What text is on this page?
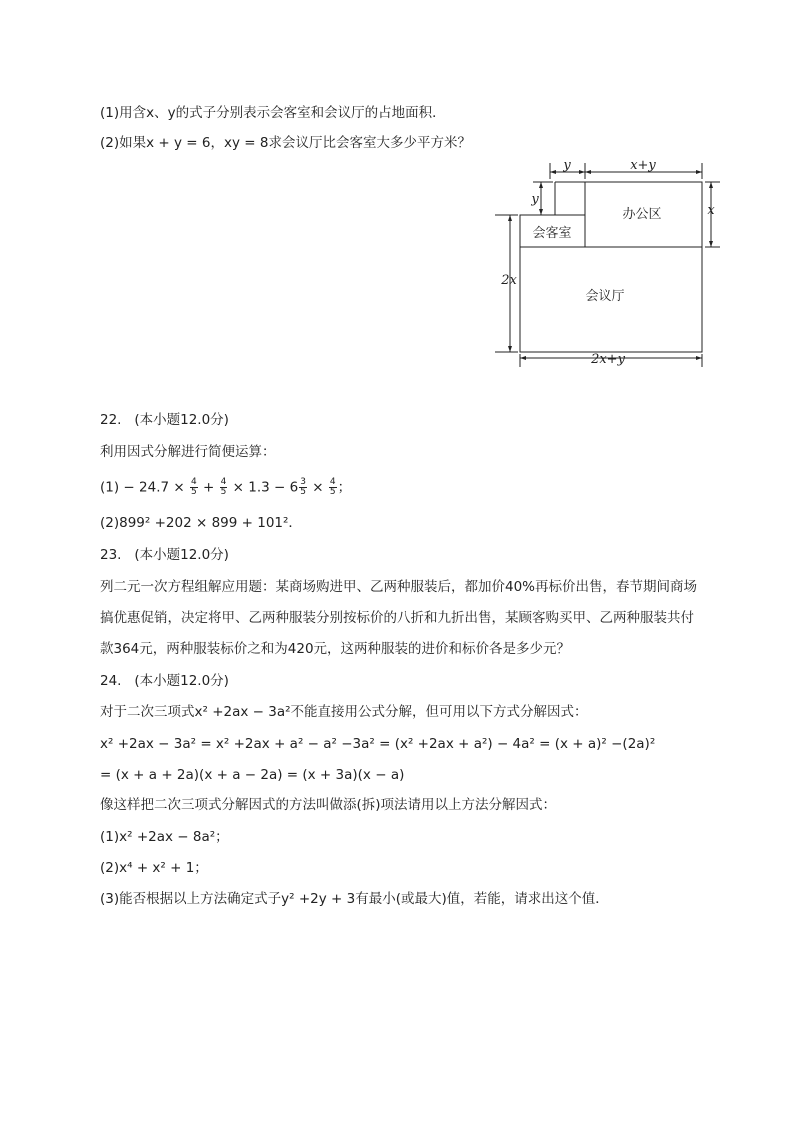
(1)用含x、y的式子分别表示会客室和会议厅的占地面积．
(2)如果x + y = 6，xy = 8求会议厅比会客室大多少平方米？
y	x+y
y
x
2x
2x+y
会客室
办公区
会议厅
22. (本小题12.0分)
利用因式分解进行简便运算：
$(1) - 24.7 \times \frac{4}{5} + \frac{4}{5} \times 1.3 - 6 \frac{3}{5} \times \frac{4}{5}$ ；
(2)899² +202 × 899 + 101²．
23. (本小题12.0分)
列二元一次方程组解应用题：某商场购进甲、乙两种服装后，都加价40%再标价出售，春节期间商场
搞优惠促销，决定将甲、乙两种服装分别按标价的八折和九折出售，某顾客购买甲、乙两种服装共付
款364元，两种服装标价之和为420元，这两种服装的进价和标价各是多少元？
24. (本小题12.0分)
对于二次三项式x² +2ax − 3a²不能直接用公式分解，但可用以下方式分解因式：
x² +2ax − 3a² = x² +2ax + a² − a² −3a² = (x² +2ax + a²) − 4a² = (x + a)² −(2a)²
= (x + a + 2a)(x + a − 2a) = (x + 3a)(x − a)
像这样把二次三项式分解因式的方法叫做添(拆)项法请用以上方法分解因式：
(1)x² +2ax − 8a²；
(2)x⁴ + x² + 1；
(3)能否根据以上方法确定式子y² +2y + 3有最小(或最大)值，若能，请求出这个值．
